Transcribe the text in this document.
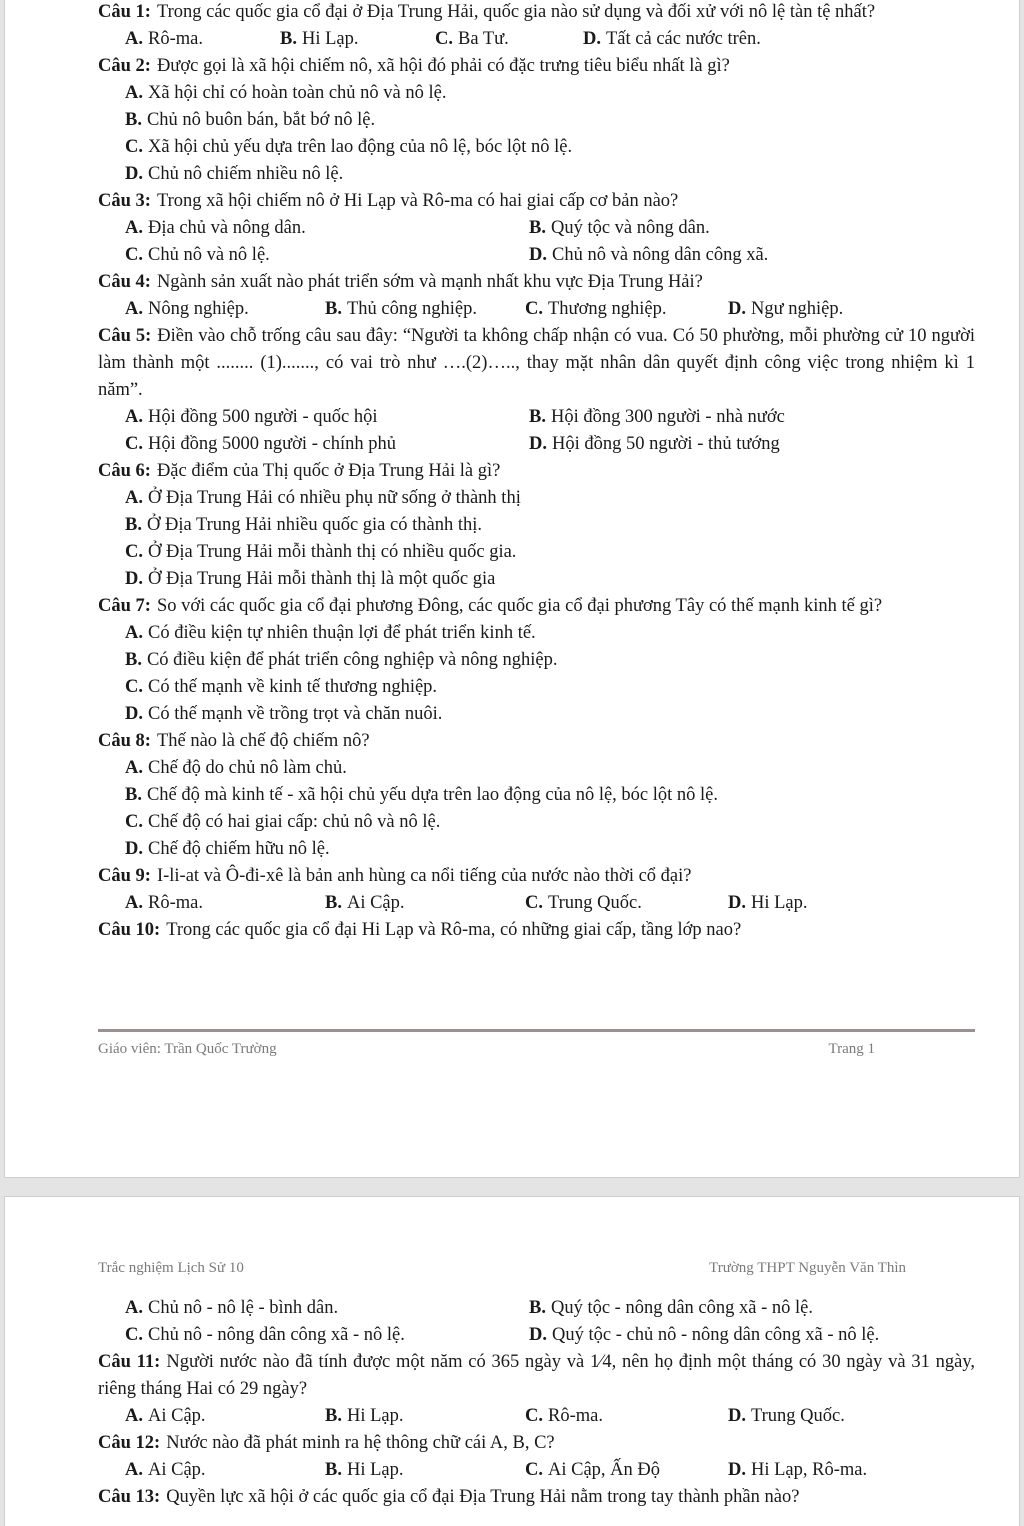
Câu 1: Trong các quốc gia cổ đại ở Địa Trung Hải, quốc gia nào sử dụng và đối xử với nô lệ tàn tệ nhất?

A. Rô-ma.	B. Hi Lạp.	C. Ba Tư.	D. Tất cả các nước trên.

Câu 2: Được gọi là xã hội chiếm nô, xã hội đó phải có đặc trưng tiêu biểu nhất là gì?

A. Xã hội chỉ có hoàn toàn chủ nô và nô lệ.
B. Chủ nô buôn bán, bắt bớ nô lệ.
C. Xã hội chủ yếu dựa trên lao động của nô lệ, bóc lột nô lệ.
D. Chủ nô chiếm nhiều nô lệ.

Câu 3: Trong xã hội chiếm nô ở Hi Lạp và Rô-ma có hai giai cấp cơ bản nào?

A. Địa chủ và nông dân.	B. Quý tộc và nông dân.
C. Chủ nô và nô lệ.	D. Chủ nô và nông dân công xã.

Câu 4: Ngành sản xuất nào phát triển sớm và mạnh nhất khu vực Địa Trung Hải?

A. Nông nghiệp.	B. Thủ công nghiệp.	C. Thương nghiệp.	D. Ngư nghiệp.

Câu 5: Điền vào chỗ trống câu sau đây: “Người ta không chấp nhận có vua. Có 50 phường, mỗi phường cử 10 người làm thành một ........ (1)......., có vai trò như ….(2)….., thay mặt nhân dân quyết định công việc trong nhiệm kì 1 năm”.

A. Hội đồng 500 người - quốc hội	B. Hội đồng 300 người - nhà nước
C. Hội đồng 5000 người - chính phủ	D. Hội đồng 50 người - thủ tướng

Câu 6: Đặc điểm của Thị quốc ở Địa Trung Hải là gì?

A. Ở Địa Trung Hải có nhiều phụ nữ sống ở thành thị
B. Ở Địa Trung Hải nhiều quốc gia có thành thị.
C. Ở Địa Trung Hải mỗi thành thị có nhiều quốc gia.
D. Ở Địa Trung Hải mỗi thành thị là một quốc gia

Câu 7: So với các quốc gia cổ đại phương Đông, các quốc gia cổ đại phương Tây có thế mạnh kinh tế gì?

A. Có điều kiện tự nhiên thuận lợi để phát triển kinh tế.
B. Có điều kiện để phát triển công nghiệp và nông nghiệp.
C. Có thế mạnh về kinh tế thương nghiệp.
D. Có thế mạnh về trồng trọt và chăn nuôi.

Câu 8: Thế nào là chế độ chiếm nô?

A. Chế độ do chủ nô làm chủ.
B. Chế độ mà kinh tế - xã hội chủ yếu dựa trên lao động của nô lệ, bóc lột nô lệ.
C. Chế độ có hai giai cấp: chủ nô và nô lệ.
D. Chế độ chiếm hữu nô lệ.

Câu 9: I-li-at và Ô-đi-xê là bản anh hùng ca nổi tiếng của nước nào thời cổ đại?

A. Rô-ma.	B. Ai Cập.	C. Trung Quốc.	D. Hi Lạp.

Câu 10: Trong các quốc gia cổ đại Hi Lạp và Rô-ma, có những giai cấp, tầng lớp nao?

Giáo viên: Trần Quốc Trường	Trang 1
Trắc nghiệm Lịch Sử 10	Trường THPT Nguyễn Văn Thìn
A. Chủ nô - nô lệ - bình dân.	B. Quý tộc - nông dân công xã - nô lệ.
C. Chủ nô - nông dân công xã - nô lệ.	D. Quý tộc - chủ nô - nông dân công xã - nô lệ.

Câu 11: Người nước nào đã tính được một năm có 365 ngày và 1⁄4, nên họ định một tháng có 30 ngày và 31 ngày, riêng tháng Hai có 29 ngày?

A. Ai Cập.	B. Hi Lạp.	C. Rô-ma.	D. Trung Quốc.

Câu 12: Nước nào đã phát minh ra hệ thông chữ cái A, B, C?

A. Ai Cập.	B. Hi Lạp.	C. Ai Cập, Ấn Độ	D. Hi Lạp, Rô-ma.

Câu 13: Quyền lực xã hội ở các quốc gia cổ đại Địa Trung Hải nằm trong tay thành phần nào?
